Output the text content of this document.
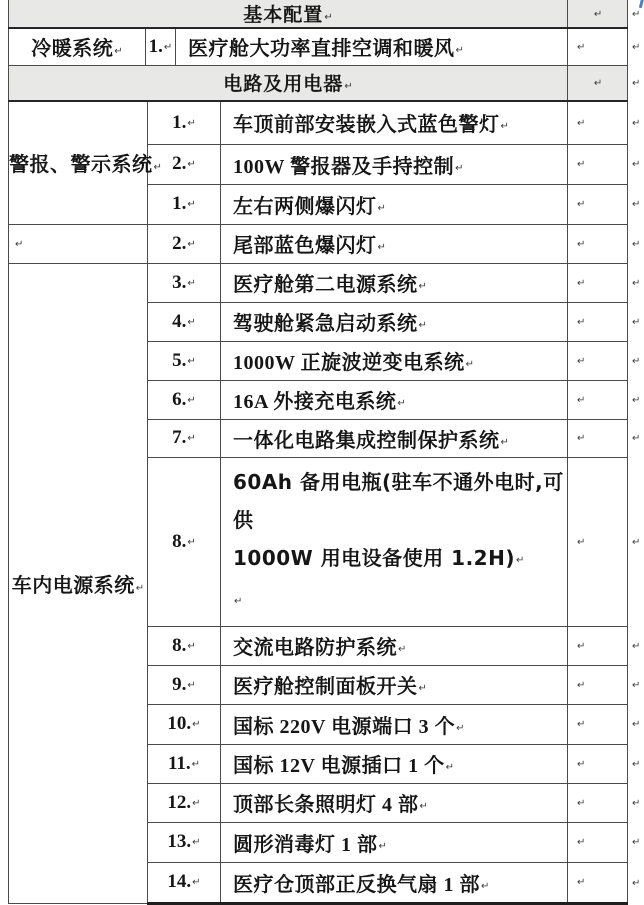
基本配置↵					↵	↵
冷暖系统↵	1.↵		医疗舱大功率直排空调和暖风↵		↵	↵
电路及用电器↵					↵	↵
警报、警示系统↵		1.↵		车顶前部安装嵌入式蓝色警灯↵	↵	↵
		2.↵		100W 警报器及手持控制↵	↵	↵
		1.↵		左右两侧爆闪灯↵	↵	↵
↵		2.↵		尾部蓝色爆闪灯↵	↵	↵
车内电源系统↵		3.↵		医疗舱第二电源系统↵	↵	↵
		4.↵		驾驶舱紧急启动系统↵	↵	↵
		5.↵		1000W 正旋波逆变电系统↵	↵	↵
		6.↵		16A 外接充电系统↵	↵	↵
		7.↵		一体化电路集成控制保护系统↵	↵	↵
		8.↵		60Ah 备用电瓶(驻车不通外电时,可供
1000W 用电设备使用 1.2H)↵
↵	↵	↵
		8.↵		交流电路防护系统↵	↵	↵
		9.↵		医疗舱控制面板开关↵	↵	↵
		10.↵		国标 220V 电源端口 3 个↵	↵	↵
		11.↵		国标 12V 电源插口 1 个↵	↵	↵
		12.↵		顶部长条照明灯 4 部↵	↵	↵
		13.↵		圆形消毒灯 1 部↵	↵	↵
		14.↵		医疗仓顶部正反换气扇 1 部↵	↵	↵
